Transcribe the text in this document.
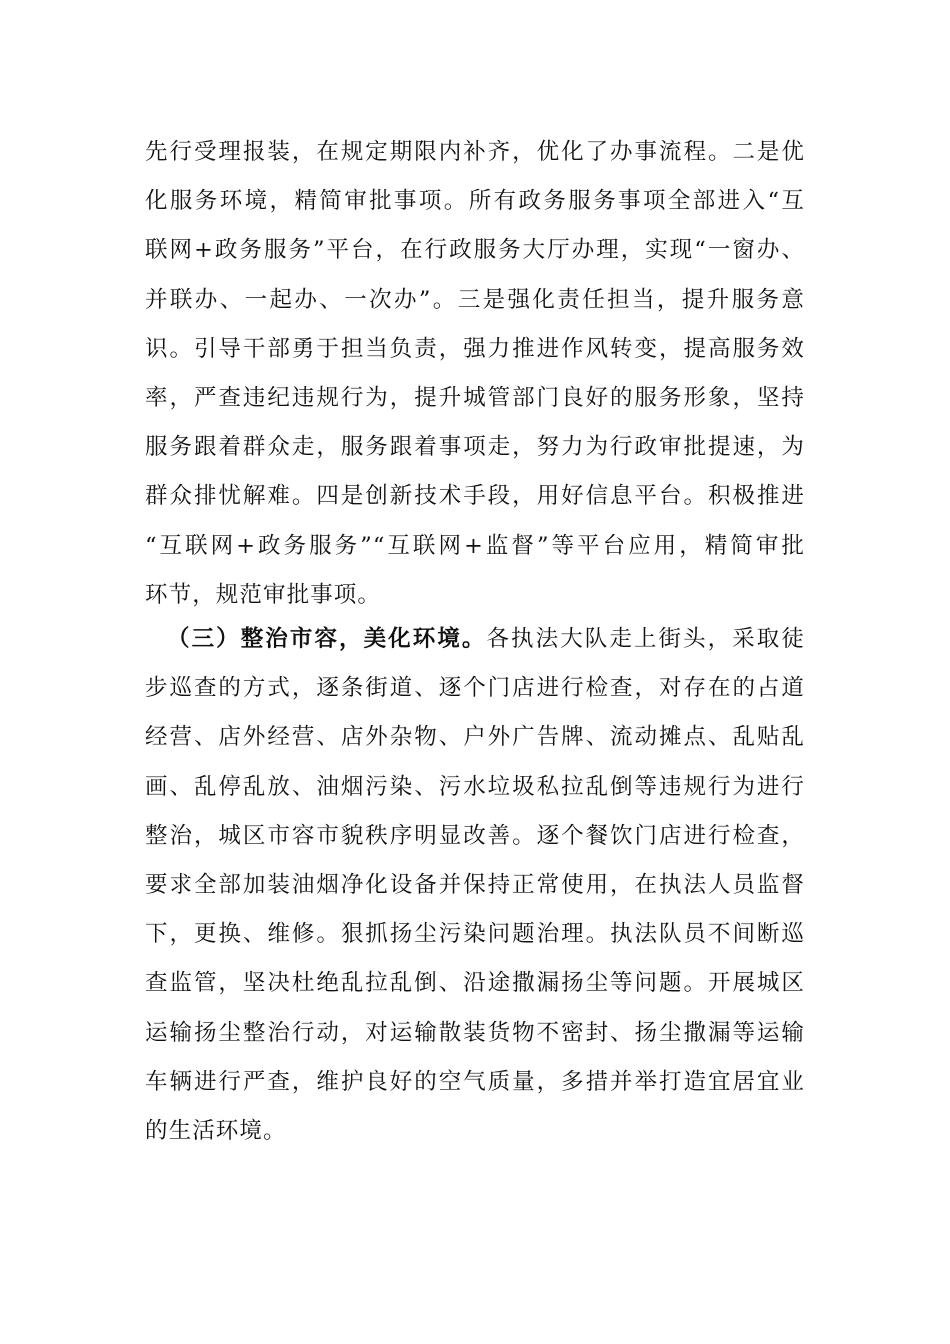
先行受理报装，在规定期限内补齐，优化了办事流程。二是优
化服务环境，精简审批事项。所有政务服务事项全部进入“互
联网+政务服务”平台，在行政服务大厅办理，实现“一窗办、
并联办、一起办、一次办”。三是强化责任担当，提升服务意
识。引导干部勇于担当负责，强力推进作风转变，提高服务效
率，严查违纪违规行为，提升城管部门良好的服务形象，坚持
服务跟着群众走，服务跟着事项走，努力为行政审批提速，为
群众排忧解难。四是创新技术手段，用好信息平台。积极推进
“互联网+政务服务”“互联网+监督”等平台应用，精简审批
环节，规范审批事项。
（三）整治市容，美化环境。各执法大队走上街头，采取徒
步巡查的方式，逐条街道、逐个门店进行检查，对存在的占道
经营、店外经营、店外杂物、户外广告牌、流动摊点、乱贴乱
画、乱停乱放、油烟污染、污水垃圾私拉乱倒等违规行为进行
整治，城区市容市貌秩序明显改善。逐个餐饮门店进行检查，
要求全部加装油烟净化设备并保持正常使用，在执法人员监督
下，更换、维修。狠抓扬尘污染问题治理。执法队员不间断巡
查监管，坚决杜绝乱拉乱倒、沿途撒漏扬尘等问题。开展城区
运输扬尘整治行动，对运输散装货物不密封、扬尘撒漏等运输
车辆进行严查，维护良好的空气质量，多措并举打造宜居宜业
的生活环境。
